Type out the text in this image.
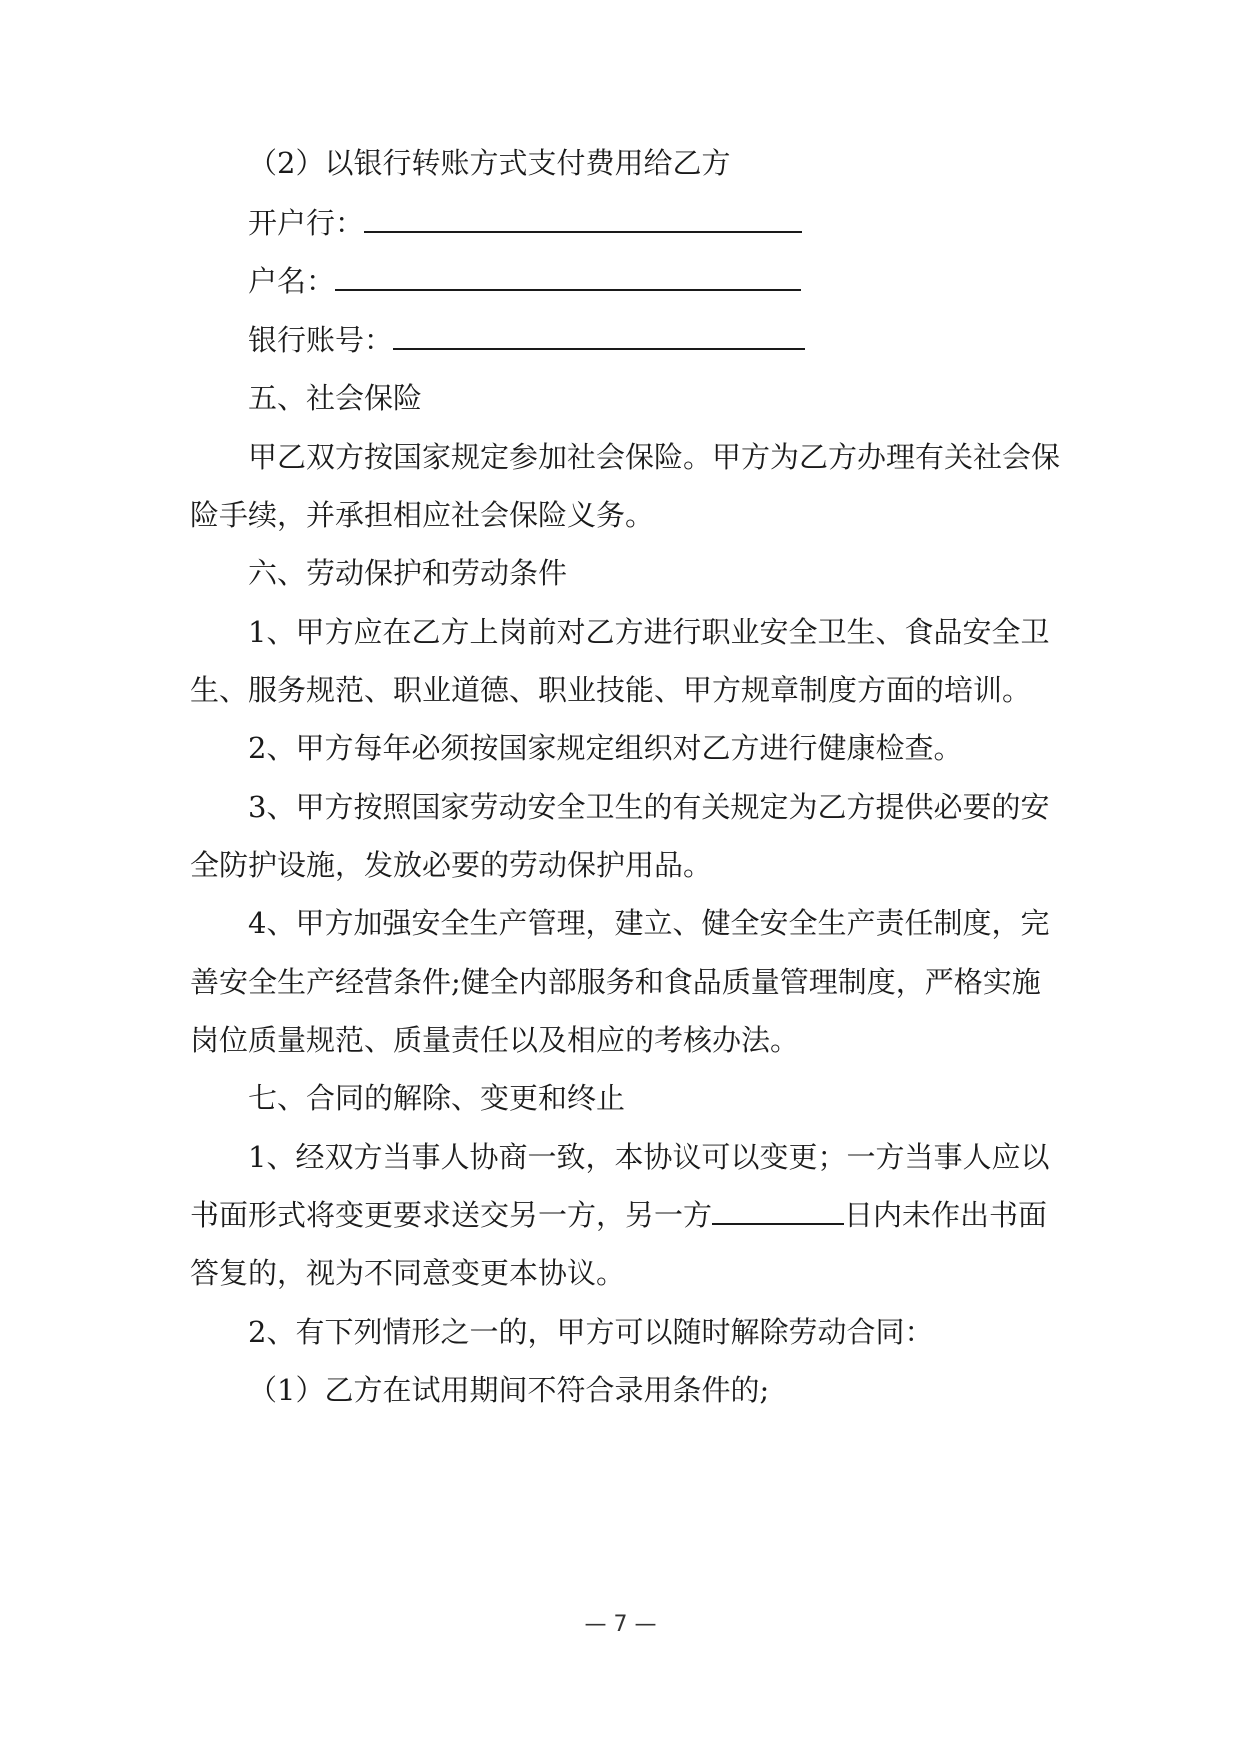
（2）以银行转账方式支付费用给乙方
开户行：
户名：
银行账号：
五、社会保险
甲乙双方按国家规定参加社会保险。甲方为乙方办理有关社会保
险手续，并承担相应社会保险义务。
六、劳动保护和劳动条件
1、甲方应在乙方上岗前对乙方进行职业安全卫生、食品安全卫
生、服务规范、职业道德、职业技能、甲方规章制度方面的培训。
2、甲方每年必须按国家规定组织对乙方进行健康检查。
3、甲方按照国家劳动安全卫生的有关规定为乙方提供必要的安
全防护设施，发放必要的劳动保护用品。
4、甲方加强安全生产管理，建立、健全安全生产责任制度，完
善安全生产经营条件;健全内部服务和食品质量管理制度，严格实施
岗位质量规范、质量责任以及相应的考核办法。
七、合同的解除、变更和终止
1、经双方当事人协商一致，本协议可以变更；一方当事人应以
书面形式将变更要求送交另一方，另一方	日内未作出书面
答复的，视为不同意变更本协议。
2、有下列情形之一的，甲方可以随时解除劳动合同：
（1）乙方在试用期间不符合录用条件的;
— 7 —
